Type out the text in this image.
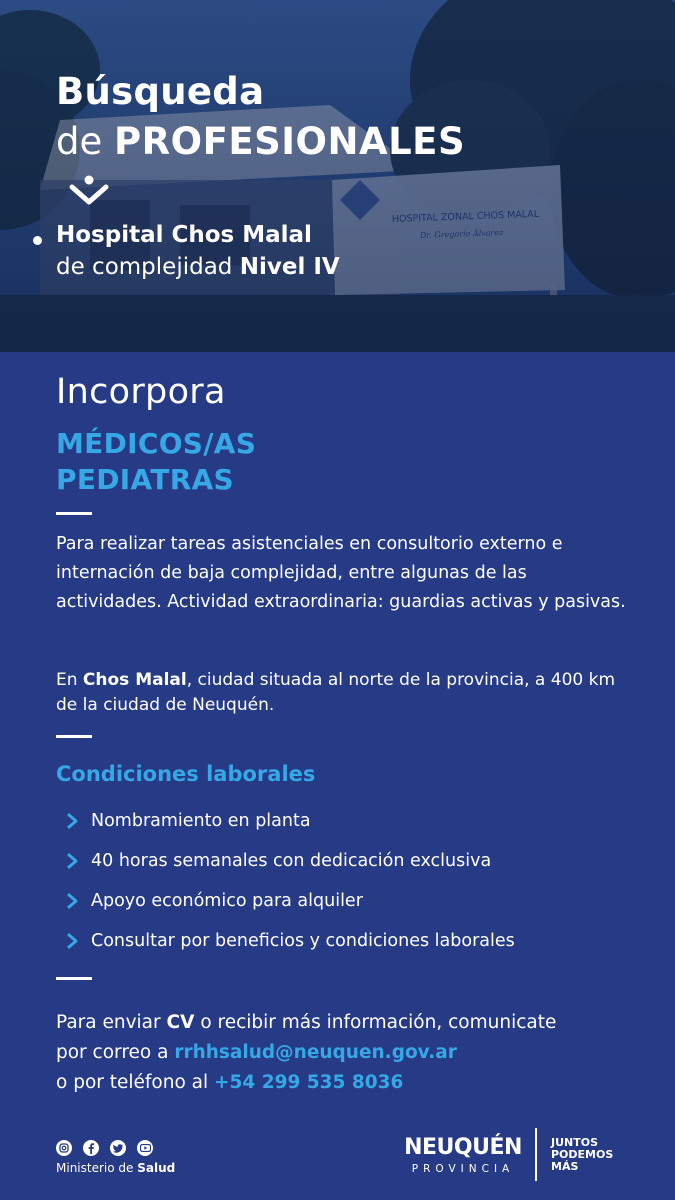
Búsqueda
de PROFESIONALES
Hospital Chos Malal
de complejidad Nivel IV
Incorpora
MÉDICOS/AS
PEDIATRAS
Para realizar tareas asistenciales en consultorio externo e internación de baja complejidad, entre algunas de las actividades. Actividad extraordinaria: guardias activas y pasivas.
En Chos Malal, ciudad situada al norte de la provincia, a 400 km de la ciudad de Neuquén.
Condiciones laborales
Nombramiento en planta
40 horas semanales con dedicación exclusiva
Apoyo económico para alquiler
Consultar por beneficios y condiciones laborales
Para enviar CV o recibir más información, comunicate
por correo a rrhhsalud@neuquen.gov.ar
o por teléfono al +54 299 535 8036
Ministerio de Salud
NEUQUÉN
PROVINCIA
JUNTOS
PODEMOS
MÁS
